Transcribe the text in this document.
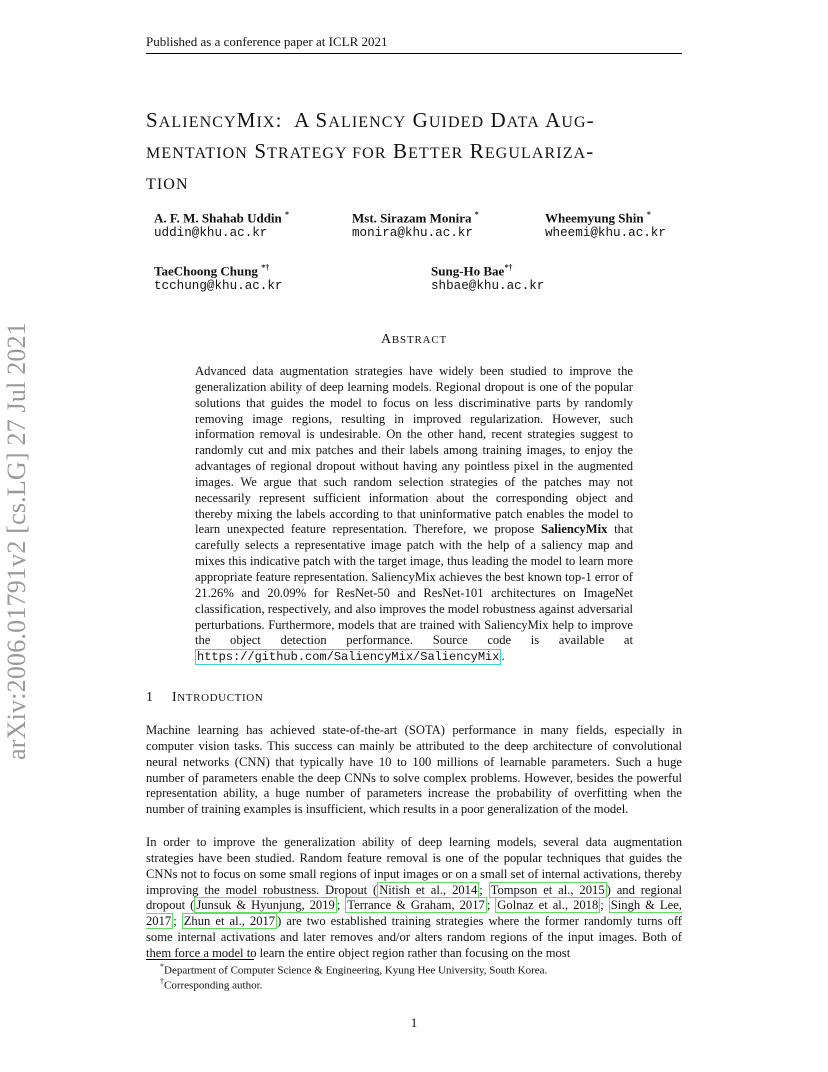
Published as a conference paper at ICLR 2021
SALIENCYMIX:  A SALIENCY GUIDED DATA AUG-
MENTATION STRATEGY FOR BETTER REGULARIZA-
TION
A. F. M. Shahab Uddin *
uddin@khu.ac.kr
Mst. Sirazam Monira *
monira@khu.ac.kr
Wheemyung Shin *
wheemi@khu.ac.kr
TaeChoong Chung *†
tcchung@khu.ac.kr
Sung-Ho Bae*†
shbae@khu.ac.kr
arXiv:2006.01791v2 [cs.LG] 27 Jul 2021	ABSTRACT
Advanced data augmentation strategies have widely been studied to improve the generalization ability of deep learning models. Regional dropout is one of the popular solutions that guides the model to focus on less discriminative parts by randomly removing image regions, resulting in improved regularization. However, such information removal is undesirable. On the other hand, recent strategies suggest to randomly cut and mix patches and their labels among training images, to enjoy the advantages of regional dropout without having any pointless pixel in the augmented images. We argue that such random selection strategies of the patches may not necessarily represent sufficient information about the corresponding object and thereby mixing the labels according to that uninformative patch enables the model to learn unexpected feature representation. Therefore, we propose SaliencyMix that carefully selects a representative image patch with the help of a saliency map and mixes this indicative patch with the target image, thus leading the model to learn more appropriate feature representation. SaliencyMix achieves the best known top-1 error of 21.26% and 20.09% for ResNet-50 and ResNet-101 architectures on ImageNet classification, respectively, and also improves the model robustness against adversarial perturbations. Furthermore, models that are trained with SaliencyMix help to improve the object detection performance. Source code is available at https://github.com/SaliencyMix/SaliencyMix .
1 INTRODUCTION
Machine learning has achieved state-of-the-art (SOTA) performance in many fields, especially in computer vision tasks. This success can mainly be attributed to the deep architecture of convolutional neural networks (CNN) that typically have 10 to 100 millions of learnable parameters. Such a huge number of parameters enable the deep CNNs to solve complex problems. However, besides the powerful representation ability, a huge number of parameters increase the probability of overfitting when the number of training examples is insufficient, which results in a poor generalization of the model.
In order to improve the generalization ability of deep learning models, several data augmentation strategies have been studied. Random feature removal is one of the popular techniques that guides the CNNs not to focus on some small regions of input images or on a small set of internal activations, thereby improving the model robustness. Dropout ( Nitish et al., 2014 ; Tompson et al., 2015 ) and regional dropout ( Junsuk & Hyunjung, 2019 ; Terrance & Graham, 2017 ; Golnaz et al., 2018 ; Singh & Lee, 2017 ; Zhun et al., 2017 ) are two established training strategies where the former randomly turns off some internal activations and later removes and/or alters random regions of the input images. Both of them force a model to learn the entire object region rather than focusing on the most
*Department of Computer Science & Engineering, Kyung Hee University, South Korea.
†Corresponding author.
1
